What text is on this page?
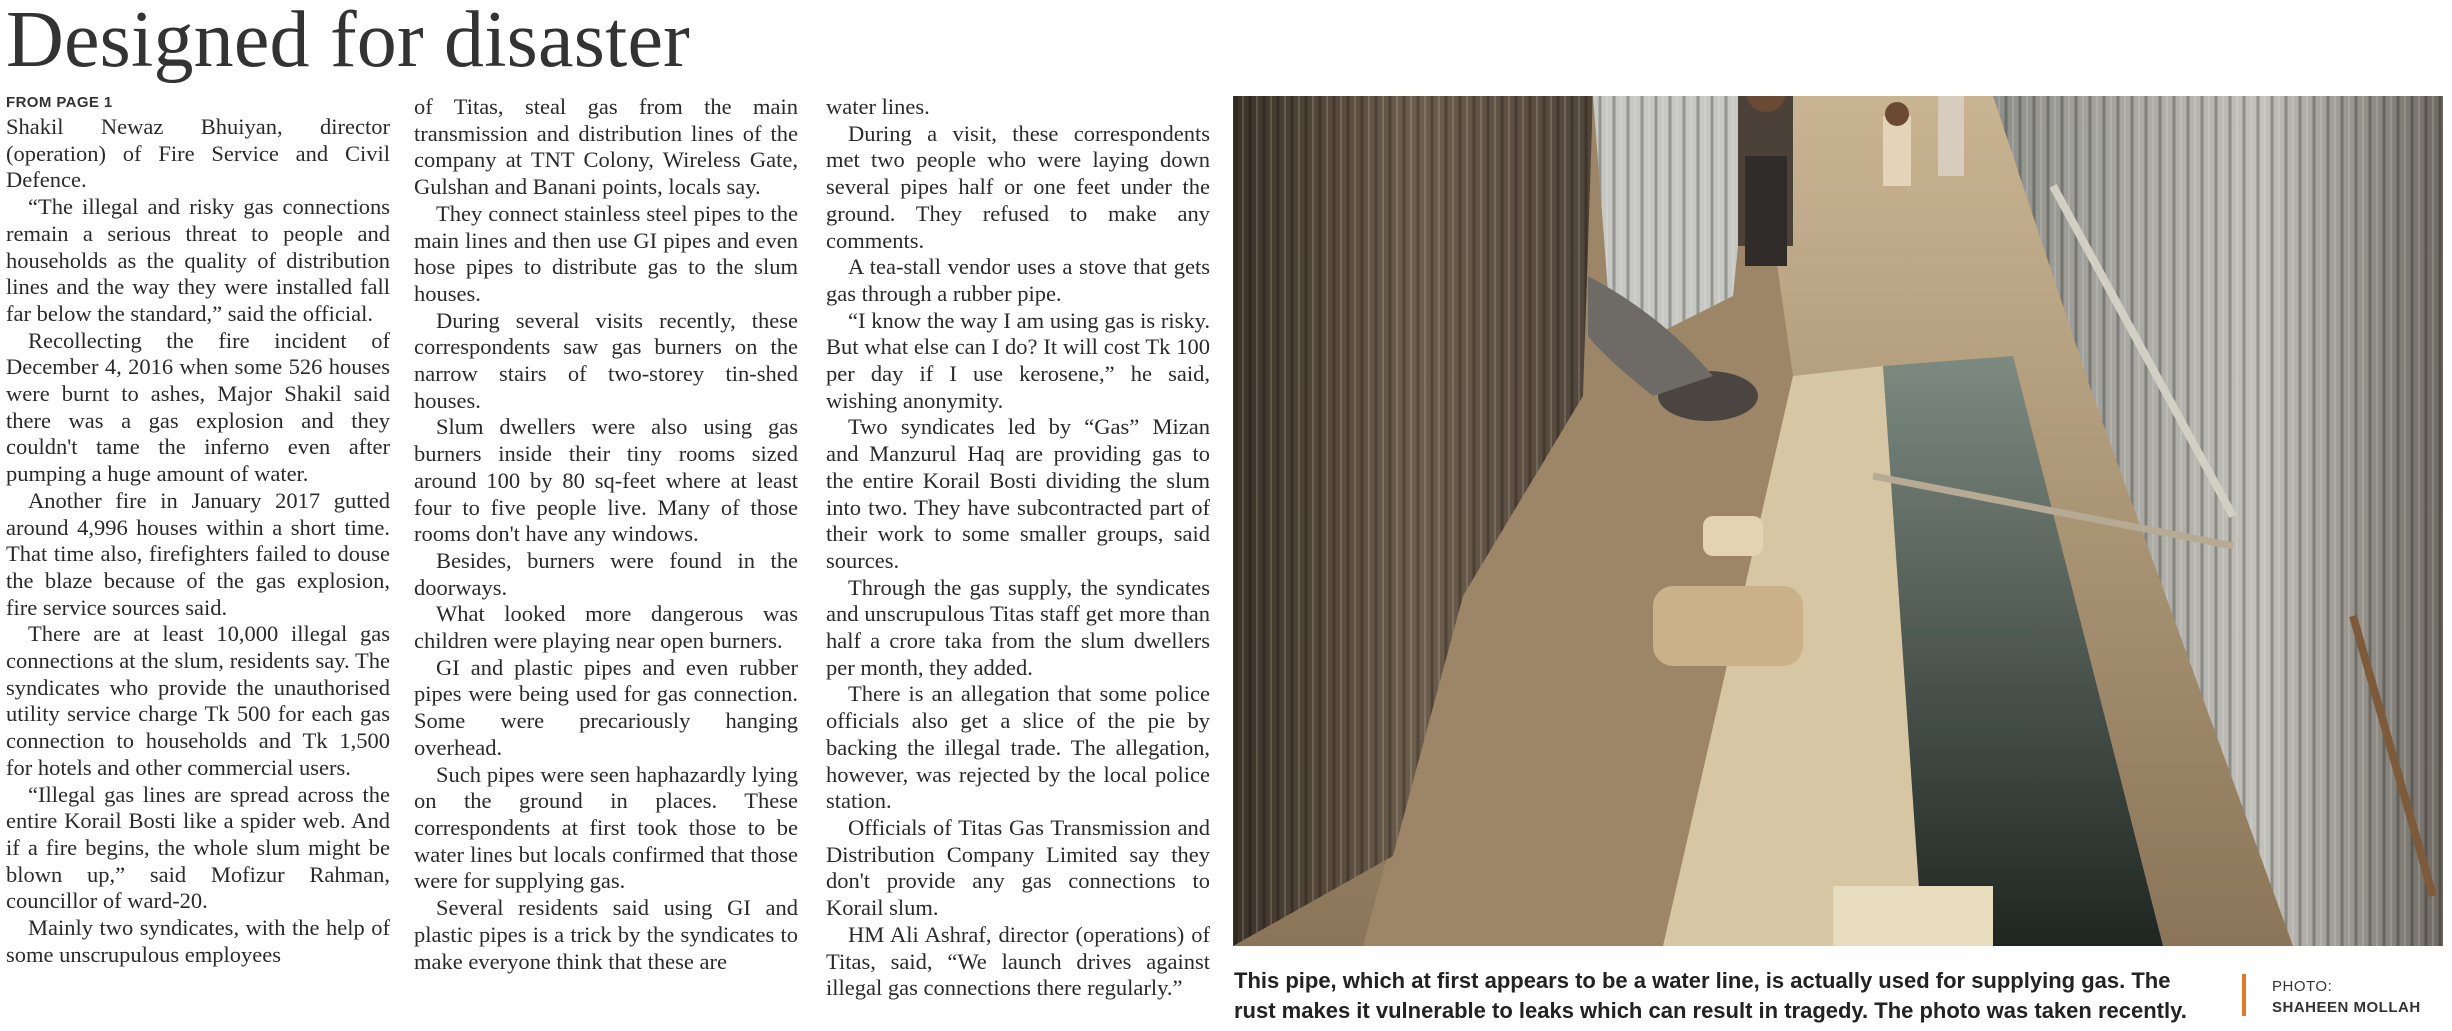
Designed for disaster
FROM PAGE 1

Shakil Newaz Bhuiyan, director (operation) of Fire Service and Civil Defence.

“The illegal and risky gas connections remain a serious threat to people and households as the quality of distribution lines and the way they were installed fall far below the standard,” said the official.

Recollecting the fire incident of December 4, 2016 when some 526 houses were burnt to ashes, Major Shakil said there was a gas explosion and they couldn't tame the inferno even after pumping a huge amount of water.

Another fire in January 2017 gutted around 4,996 houses within a short time. That time also, firefighters failed to douse the blaze because of the gas explosion, fire service sources said.

There are at least 10,000 illegal gas connections at the slum, residents say. The syndicates who provide the unauthorised utility service charge Tk 500 for each gas connection to households and Tk 1,500 for hotels and other commercial users.

“Illegal gas lines are spread across the entire Korail Bosti like a spider web. And if a fire begins, the whole slum might be blown up,” said Mofizur Rahman, councillor of ward-20.

Mainly two syndicates, with the help of some unscrupulous employees

of Titas, steal gas from the main transmission and distribution lines of the company at TNT Colony, Wireless Gate, Gulshan and Banani points, locals say.

They connect stainless steel pipes to the main lines and then use GI pipes and even hose pipes to distribute gas to the slum houses.

During several visits recently, these correspondents saw gas burners on the narrow stairs of two-storey tin-shed houses.

Slum dwellers were also using gas burners inside their tiny rooms sized around 100 by 80 sq-feet where at least four to five people live. Many of those rooms don't have any windows.

Besides, burners were found in the doorways.

What looked more dangerous was children were playing near open burners.

GI and plastic pipes and even rubber pipes were being used for gas connection. Some were precariously hanging overhead.

Such pipes were seen haphazardly lying on the ground in places. These correspondents at first took those to be water lines but locals confirmed that those were for supplying gas.

Several residents said using GI and plastic pipes is a trick by the syndicates to make everyone think that these are

water lines.

During a visit, these correspondents met two people who were laying down several pipes half or one feet under the ground. They refused to make any comments.

A tea-stall vendor uses a stove that gets gas through a rubber pipe.

“I know the way I am using gas is risky. But what else can I do? It will cost Tk 100 per day if I use kerosene,” he said, wishing anonymity.

Two syndicates led by “Gas” Mizan and Manzurul Haq are providing gas to the entire Korail Bosti dividing the slum into two. They have subcontracted part of their work to some smaller groups, said sources.

Through the gas supply, the syndicates and unscrupulous Titas staff get more than half a crore taka from the slum dwellers per month, they added.

There is an allegation that some police officials also get a slice of the pie by backing the illegal trade. The allegation, however, was rejected by the local police station.

Officials of Titas Gas Transmission and Distribution Company Limited say they don't provide any gas connections to Korail slum.

HM Ali Ashraf, director (operations) of Titas, said, “We launch drives against illegal gas connections there regularly.”	This pipe, which at first appears to be a water line, is actually used for supplying gas. The rust makes it vulnerable to leaks which can result in tragedy. The photo was taken recently.
PHOTO:
SHAHEEN MOLLAH
